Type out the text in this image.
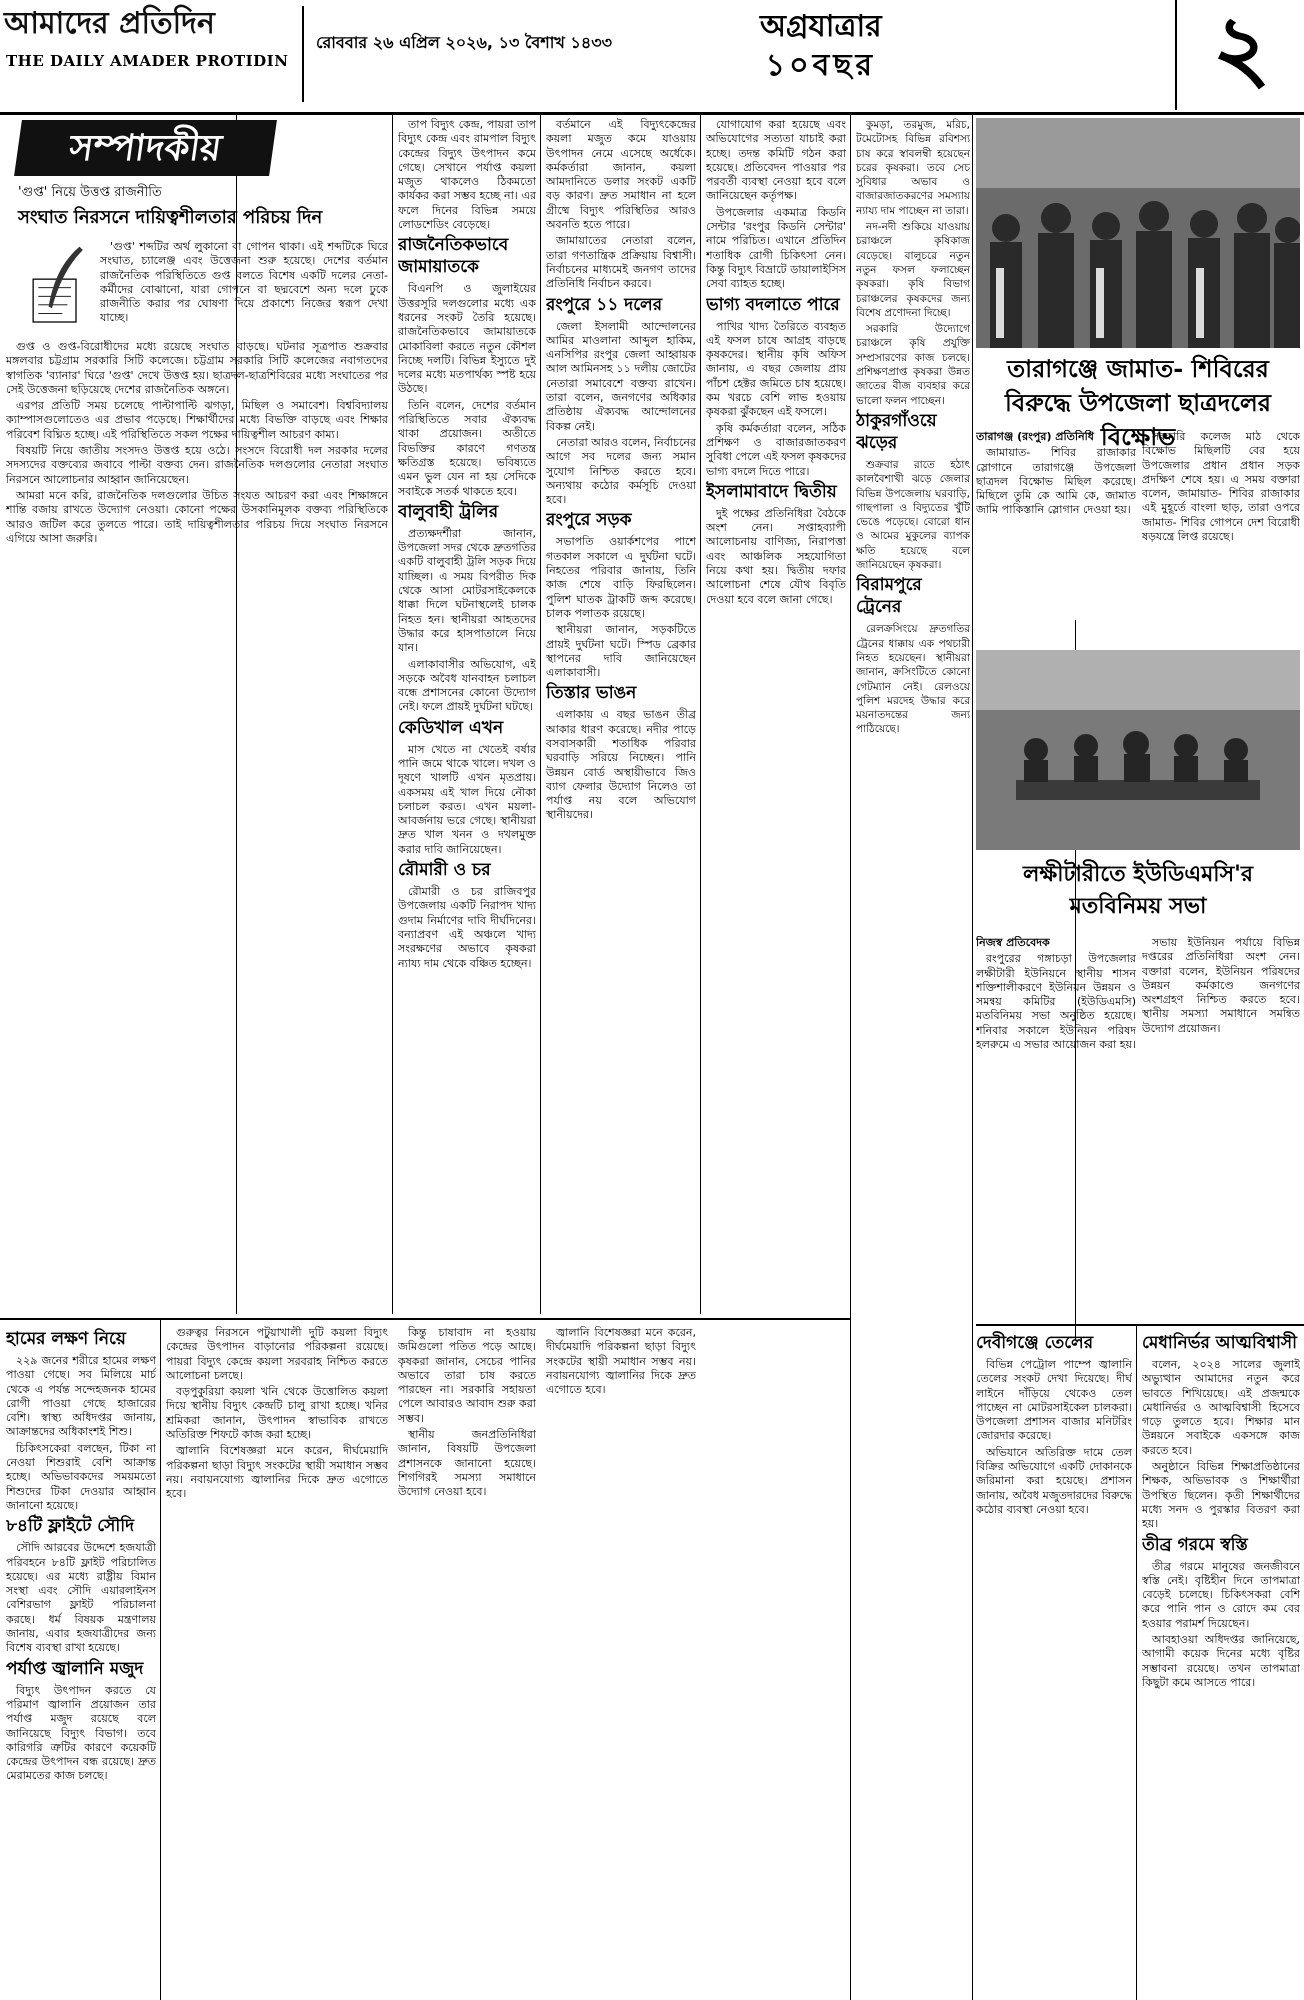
আমাদের প্রতিদিন
THE DAILY AMADER PROTIDIN
রোববার ২৬ এপ্রিল ২০২৬, ১৩ বৈশাখ ১৪৩৩	অগ্রযাত্রার
১০বছর	২
সম্পাদকীয়
'গুপ্ত' নিয়ে উত্তপ্ত রাজনীতি
সংঘাত নিরসনে দায়িত্বশীলতার পরিচয় দিন

'গুপ্ত' শব্দটির অর্থ লুকানো বা গোপন থাকা। এই শব্দটিকে ঘিরে সংঘাত, চ্যালেঞ্জ এবং উত্তেজনা শুরু হয়েছে। দেশের বর্তমান রাজনৈতিক পরিস্থিতিতে গুপ্ত বলতে বিশেষ একটি দলের নেতা-কর্মীদের বোঝানো, যারা গোপনে বা ছদ্মবেশে অন্য দলে ঢুকে রাজনীতি করার পর ঘোষণা দিয়ে প্রকাশ্যে নিজের স্বরূপ দেখা যাচ্ছে।

গুপ্ত ও গুপ্ত-বিরোধীদের মধ্যে রয়েছে সংঘাত বাড়ছে। ঘটনার সূত্রপাত শুক্রবার মঙ্গলবার চট্টগ্রাম সরকারি সিটি কলেজে। চট্টগ্রাম সরকারি সিটি কলেজের নবাগতদের স্বাগতিক 'ব্যানার' ঘিরে 'গুপ্ত' দেখে উত্তপ্ত হয়। ছাত্রদল-ছাত্রশিবিরের মধ্যে সংঘাতের পর সেই উত্তেজনা ছড়িয়েছে দেশের রাজনৈতিক অঙ্গনে।

এরপর প্রতিটি সময় চলেছে পাল্টাপাল্টি ঝগড়া, মিছিল ও সমাবেশ। বিশ্ববিদ্যালয় ক্যাম্পাসগুলোতেও এর প্রভাব পড়েছে। শিক্ষার্থীদের মধ্যে বিভক্তি বাড়ছে এবং শিক্ষার পরিবেশ বিঘ্নিত হচ্ছে। এই পরিস্থিতিতে সকল পক্ষের দায়িত্বশীল আচরণ কাম্য।

বিষয়টি নিয়ে জাতীয় সংসদও উত্তপ্ত হয়ে ওঠে। সংসদে বিরোধী দল সরকার দলের সদস্যদের বক্তব্যের জবাবে পাল্টা বক্তব্য দেন। রাজনৈতিক দলগুলোর নেতারা সংঘাত নিরসনে আলোচনার আহ্বান জানিয়েছেন।

আমরা মনে করি, রাজনৈতিক দলগুলোর উচিত সংযত আচরণ করা এবং শিক্ষাঙ্গনে শান্তি বজায় রাখতে উদ্যোগ নেওয়া। কোনো পক্ষের উসকানিমূলক বক্তব্য পরিস্থিতিকে আরও জটিল করে তুলতে পারে। তাই দায়িত্বশীলতার পরিচয় দিয়ে সংঘাত নিরসনে এগিয়ে আসা জরুরি।

তাপ বিদ্যুৎ কেন্দ্র, পায়রা তাপ বিদ্যুৎ কেন্দ্র এবং রামপাল বিদ্যুৎ কেন্দ্রের বিদ্যুৎ উৎপাদন কমে গেছে। সেখানে পর্যাপ্ত কয়লা মজুত থাকলেও ঠিকমতো কার্যকর করা সম্ভব হচ্ছে না। এর ফলে দিনের বিভিন্ন সময়ে লোডশেডিং বেড়েছে।

রাজনৈতিকভাবে জামায়াতকে

বিএনপি ও জুলাইয়ের উত্তরসূরি দলগুলোর মধ্যে এক ধরনের সংকট তৈরি হয়েছে। রাজনৈতিকভাবে জামায়াতকে মোকাবিলা করতে নতুন কৌশল নিচ্ছে দলটি। বিভিন্ন ইস্যুতে দুই দলের মধ্যে মতপার্থক্য স্পষ্ট হয়ে উঠছে।

তিনি বলেন, দেশের বর্তমান পরিস্থিতিতে সবার ঐক্যবদ্ধ থাকা প্রয়োজন। অতীতে বিভক্তির কারণে গণতন্ত্র ক্ষতিগ্রস্ত হয়েছে। ভবিষ্যতে এমন ভুল যেন না হয় সেদিকে সবাইকে সতর্ক থাকতে হবে।

বালুবাহী ট্রলির

প্রত্যক্ষদর্শীরা জানান, উপজেলা সদর থেকে দ্রুতগতির একটি বালুবাহী ট্রলি সড়ক দিয়ে যাচ্ছিল। এ সময় বিপরীত দিক থেকে আসা মোটরসাইকেলকে ধাক্কা দিলে ঘটনাস্থলেই চালক নিহত হন। স্থানীয়রা আহতদের উদ্ধার করে হাসপাতালে নিয়ে যান।

এলাকাবাসীর অভিযোগ, এই সড়কে অবৈধ যানবাহন চলাচল বন্ধে প্রশাসনের কোনো উদ্যোগ নেই। ফলে প্রায়ই দুর্ঘটনা ঘটছে।

কেডিখাল এখন

মাস খেতে না খেতেই বর্ষার পানি জমে থাকে খালে। দখল ও দূষণে খালটি এখন মৃতপ্রায়। একসময় এই খাল দিয়ে নৌকা চলাচল করত। এখন ময়লা-আবর্জনায় ভরে গেছে। স্থানীয়রা দ্রুত খাল খনন ও দখলমুক্ত করার দাবি জানিয়েছেন।

রৌমারী ও চর

রৌমারী ও চর রাজিবপুর উপজেলায় একটি নিরাপদ খাদ্য গুদাম নির্মাণের দাবি দীর্ঘদিনের। বন্যাপ্রবণ এই অঞ্চলে খাদ্য সংরক্ষণের অভাবে কৃষকরা ন্যায্য দাম থেকে বঞ্চিত হচ্ছেন।

বর্তমানে এই বিদ্যুৎকেন্দ্রের কয়লা মজুত কমে যাওয়ায় উৎপাদন নেমে এসেছে অর্ধেকে। কর্মকর্তারা জানান, কয়লা আমদানিতে ডলার সংকট একটি বড় কারণ। দ্রুত সমাধান না হলে গ্রীষ্মে বিদ্যুৎ পরিস্থিতির আরও অবনতি হতে পারে।

জামায়াতের নেতারা বলেন, তারা গণতান্ত্রিক প্রক্রিয়ায় বিশ্বাসী। নির্বাচনের মাধ্যমেই জনগণ তাদের প্রতিনিধি নির্বাচন করবে।

রংপুরে ১১ দলের

জেলা ইসলামী আন্দোলনের আমির মাওলানা আব্দুল হাকিম, এনসিপির রংপুর জেলা আহ্বায়ক আল আমিনসহ ১১ দলীয় জোটের নেতারা সমাবেশে বক্তব্য রাখেন। তারা বলেন, জনগণের অধিকার প্রতিষ্ঠায় ঐক্যবদ্ধ আন্দোলনের বিকল্প নেই।

নেতারা আরও বলেন, নির্বাচনের আগে সব দলের জন্য সমান সুযোগ নিশ্চিত করতে হবে। অন্যথায় কঠোর কর্মসূচি দেওয়া হবে।

রংপুরে সড়ক

সভাপতি ওয়ার্কশপের পাশে গতকাল সকালে এ দুর্ঘটনা ঘটে। নিহতের পরিবার জানায়, তিনি কাজ শেষে বাড়ি ফিরছিলেন। পুলিশ ঘাতক ট্রাকটি জব্দ করেছে। চালক পলাতক রয়েছে।

স্থানীয়রা জানান, সড়কটিতে প্রায়ই দুর্ঘটনা ঘটে। স্পিড ব্রেকার স্থাপনের দাবি জানিয়েছেন এলাকাবাসী।

তিস্তার ভাঙন

এলাকায় এ বছর ভাঙন তীব্র আকার ধারণ করেছে। নদীর পাড়ে বসবাসকারী শতাধিক পরিবার ঘরবাড়ি সরিয়ে নিচ্ছেন। পানি উন্নয়ন বোর্ড অস্থায়ীভাবে জিও ব্যাগ ফেলার উদ্যোগ নিলেও তা পর্যাপ্ত নয় বলে অভিযোগ স্থানীয়দের।

যোগাযোগ করা হয়েছে এবং অভিযোগের সত্যতা যাচাই করা হচ্ছে। তদন্ত কমিটি গঠন করা হয়েছে। প্রতিবেদন পাওয়ার পর পরবর্তী ব্যবস্থা নেওয়া হবে বলে জানিয়েছেন কর্তৃপক্ষ।

উপজেলার একমাত্র কিডনি সেন্টার 'রংপুর কিডনি সেন্টার' নামে পরিচিত। এখানে প্রতিদিন শতাধিক রোগী চিকিৎসা নেন। কিন্তু বিদ্যুৎ বিভ্রাটে ডায়ালাইসিস সেবা ব্যাহত হচ্ছে।

ভাগ্য বদলাতে পারে

পাখির খাদ্য তৈরিতে ব্যবহৃত এই ফসল চাষে আগ্রহ বাড়ছে কৃষকদের। স্থানীয় কৃষি অফিস জানায়, এ বছর জেলায় প্রায় পাঁচশ হেক্টর জমিতে চাষ হয়েছে। কম খরচে বেশি লাভ হওয়ায় কৃষকরা ঝুঁকছেন এই ফসলে।

কৃষি কর্মকর্তারা বলেন, সঠিক প্রশিক্ষণ ও বাজারজাতকরণ সুবিধা পেলে এই ফসল কৃষকদের ভাগ্য বদলে দিতে পারে।

ইসলামাবাদে দ্বিতীয়

দুই পক্ষের প্রতিনিধিরা বৈঠকে অংশ নেন। সপ্তাহব্যাপী আলোচনায় বাণিজ্য, নিরাপত্তা এবং আঞ্চলিক সহযোগিতা নিয়ে কথা হয়। দ্বিতীয় দফার আলোচনা শেষে যৌথ বিবৃতি দেওয়া হবে বলে জানা গেছে।

কুমড়া, তরমুজ, মরিচ, টমেটোসহ বিভিন্ন রবিশস্য চাষ করে স্বাবলম্বী হয়েছেন চরের কৃষকরা। তবে সেচ সুবিধার অভাব ও বাজারজাতকরণের সমস্যায় ন্যায্য দাম পাচ্ছেন না তারা।

নদ-নদী শুকিয়ে যাওয়ায় চরাঞ্চলে কৃষিকাজ বেড়েছে। বালুচরে নতুন নতুন ফসল ফলাচ্ছেন কৃষকরা। কৃষি বিভাগ চরাঞ্চলের কৃষকদের জন্য বিশেষ প্রণোদনা দিচ্ছে।

সরকারি উদ্যোগে চরাঞ্চলে কৃষি প্রযুক্তি সম্প্রসারণের কাজ চলছে। প্রশিক্ষণপ্রাপ্ত কৃষকরা উন্নত জাতের বীজ ব্যবহার করে ভালো ফলন পাচ্ছেন।

ঠাকুরগাঁওয়ে ঝড়ের

শুক্রবার রাতে হঠাৎ কালবৈশাখী ঝড়ে জেলার বিভিন্ন উপজেলায় ঘরবাড়ি, গাছপালা ও বিদ্যুতের খুঁটি ভেঙে পড়েছে। বোরো ধান ও আমের মুকুলের ব্যাপক ক্ষতি হয়েছে বলে জানিয়েছেন কৃষকরা।

বিরামপুরে ট্রেনের

রেলক্রসিংয়ে দ্রুতগতির ট্রেনের ধাক্কায় এক পথচারী নিহত হয়েছেন। স্থানীয়রা জানান, ক্রসিংটিতে কোনো গেটম্যান নেই। রেলওয়ে পুলিশ মরদেহ উদ্ধার করে ময়নাতদন্তের জন্য পাঠিয়েছে।

তারাগঞ্জে জামাত- শিবিরের বিরুদ্ধে উপজেলা ছাত্রদলের বিক্ষোভ

তারাগঞ্জ (রংপুর) প্রতিনিধি

জামায়াত- শিবির রাজাকার স্লোগানে তারাগঞ্জে উপজেলা ছাত্রদল বিক্ষোভ মিছিল করেছে। মিছিলে তুমি কে আমি কে, জামাত জামি পাকিস্তানি স্লোগান দেওয়া হয়।

সরকারি কলেজ মাঠ থেকে বিক্ষোভ মিছিলটি বের হয়ে উপজেলার প্রধান প্রধান সড়ক প্রদক্ষিণ শেষে হয়। এ সময় বক্তারা বলেন, জামায়াত- শিবির রাজাকার এই মুহূর্তে বাংলা ছাড়, তারা ওপরে জামাত- শিবির গোপনে দেশ বিরোধী ষড়যন্ত্রে লিপ্ত রয়েছে।

লক্ষীটারীতে ইউডিএমসি'র মতবিনিময় সভা

নিজস্ব প্রতিবেদক

রংপুরের গঙ্গাচড়া উপজেলার লক্ষীটারী ইউনিয়নে স্থানীয় শাসন শক্তিশালীকরণে ইউনিয়ন উন্নয়ন ও সমন্বয় কমিটির (ইউডিএমসি) মতবিনিময় সভা অনুষ্ঠিত হয়েছে। শনিবার সকালে ইউনিয়ন পরিষদ হলরুমে এ সভার আয়োজন করা হয়।

সভায় ইউনিয়ন পর্যায়ে বিভিন্ন দপ্তরের প্রতিনিধিরা অংশ নেন। বক্তারা বলেন, ইউনিয়ন পরিষদের উন্নয়ন কর্মকাণ্ডে জনগণের অংশগ্রহণ নিশ্চিত করতে হবে। স্থানীয় সমস্যা সমাধানে সমন্বিত উদ্যোগ প্রয়োজন।

হামের লক্ষণ নিয়ে

২২৯ জনের শরীরে হামের লক্ষণ পাওয়া গেছে। সব মিলিয়ে মার্চ থেকে এ পর্যন্ত সন্দেহজনক হামের রোগী পাওয়া গেছে হাজারের বেশি। স্বাস্থ্য অধিদপ্তর জানায়, আক্রান্তদের অধিকাংশই শিশু।

চিকিৎসকেরা বলছেন, টিকা না নেওয়া শিশুরাই বেশি আক্রান্ত হচ্ছে। অভিভাবকদের সময়মতো শিশুদের টিকা দেওয়ার আহ্বান জানানো হয়েছে।

৮৪টি ফ্লাইটে সৌদি

সৌদি আরবের উদ্দেশে হজযাত্রী পরিবহনে ৮৪টি ফ্লাইট পরিচালিত হয়েছে। এর মধ্যে রাষ্ট্রীয় বিমান সংস্থা এবং সৌদি এয়ারলাইনস বেশিরভাগ ফ্লাইট পরিচালনা করছে। ধর্ম বিষয়ক মন্ত্রণালয় জানায়, এবার হজযাত্রীদের জন্য বিশেষ ব্যবস্থা রাখা হয়েছে।

পর্যাপ্ত জ্বালানি মজুদ

বিদ্যুৎ উৎপাদন করতে যে পরিমাণ জ্বালানি প্রয়োজন তার পর্যাপ্ত মজুদ রয়েছে বলে জানিয়েছে বিদ্যুৎ বিভাগ। তবে কারিগরি ত্রুটির কারণে কয়েকটি কেন্দ্রের উৎপাদন বন্ধ রয়েছে। দ্রুত মেরামতের কাজ চলছে।

গুরুত্বর নিরসনে পটুয়াখালী দুটি কয়লা বিদ্যুৎ কেন্দ্রের উৎপাদন বাড়ানোর পরিকল্পনা রয়েছে। পায়রা বিদ্যুৎ কেন্দ্রে কয়লা সরবরাহ নিশ্চিত করতে আলোচনা চলছে।

বড়পুকুরিয়া কয়লা খনি থেকে উত্তোলিত কয়লা দিয়ে স্থানীয় বিদ্যুৎ কেন্দ্রটি চালু রাখা হচ্ছে। খনির শ্রমিকরা জানান, উৎপাদন স্বাভাবিক রাখতে অতিরিক্ত শিফটে কাজ করা হচ্ছে।

জ্বালানি বিশেষজ্ঞরা মনে করেন, দীর্ঘমেয়াদি পরিকল্পনা ছাড়া বিদ্যুৎ সংকটের স্থায়ী সমাধান সম্ভব নয়। নবায়নযোগ্য জ্বালানির দিকে দ্রুত এগোতে হবে।

কিন্তু চাষাবাদ না হওয়ায় জমিগুলো পতিত পড়ে আছে। কৃষকরা জানান, সেচের পানির অভাবে তারা চাষ করতে পারছেন না। সরকারি সহায়তা পেলে আবারও আবাদ শুরু করা সম্ভব।

স্থানীয় জনপ্রতিনিধিরা জানান, বিষয়টি উপজেলা প্রশাসনকে জানানো হয়েছে। শিগগিরই সমস্যা সমাধানে উদ্যোগ নেওয়া হবে।

জ্বালানি বিশেষজ্ঞরা মনে করেন, দীর্ঘমেয়াদি পরিকল্পনা ছাড়া বিদ্যুৎ সংকটের স্থায়ী সমাধান সম্ভব নয়। নবায়নযোগ্য জ্বালানির দিকে দ্রুত এগোতে হবে।

দেবীগঞ্জে তেলের

বিভিন্ন পেট্রোল পাম্পে জ্বালানি তেলের সংকট দেখা দিয়েছে। দীর্ঘ লাইনে দাঁড়িয়ে থেকেও তেল পাচ্ছেন না মোটরসাইকেল চালকরা। উপজেলা প্রশাসন বাজার মনিটরিং জোরদার করেছে।

অভিযানে অতিরিক্ত দামে তেল বিক্রির অভিযোগে একটি দোকানকে জরিমানা করা হয়েছে। প্রশাসন জানায়, অবৈধ মজুতদারদের বিরুদ্ধে কঠোর ব্যবস্থা নেওয়া হবে।

মেধানির্ভর আত্মবিশ্বাসী

বলেন, ২০২৪ সালের জুলাই অভ্যুত্থান আমাদের নতুন করে ভাবতে শিখিয়েছে। এই প্রজন্মকে মেধানির্ভর ও আত্মবিশ্বাসী হিসেবে গড়ে তুলতে হবে। শিক্ষার মান উন্নয়নে সবাইকে একসঙ্গে কাজ করতে হবে।

অনুষ্ঠানে বিভিন্ন শিক্ষাপ্রতিষ্ঠানের শিক্ষক, অভিভাবক ও শিক্ষার্থীরা উপস্থিত ছিলেন। কৃতী শিক্ষার্থীদের মধ্যে সনদ ও পুরস্কার বিতরণ করা হয়।

তীব্র গরমে স্বস্তি

তীব্র গরমে মানুষের জনজীবনে স্বস্তি নেই। বৃষ্টিহীন দিনে তাপমাত্রা বেড়েই চলেছে। চিকিৎসকরা বেশি করে পানি পান ও রোদে কম বের হওয়ার পরামর্শ দিয়েছেন।

আবহাওয়া অধিদপ্তর জানিয়েছে, আগামী কয়েক দিনের মধ্যে বৃষ্টির সম্ভাবনা রয়েছে। তখন তাপমাত্রা কিছুটা কমে আসতে পারে।
